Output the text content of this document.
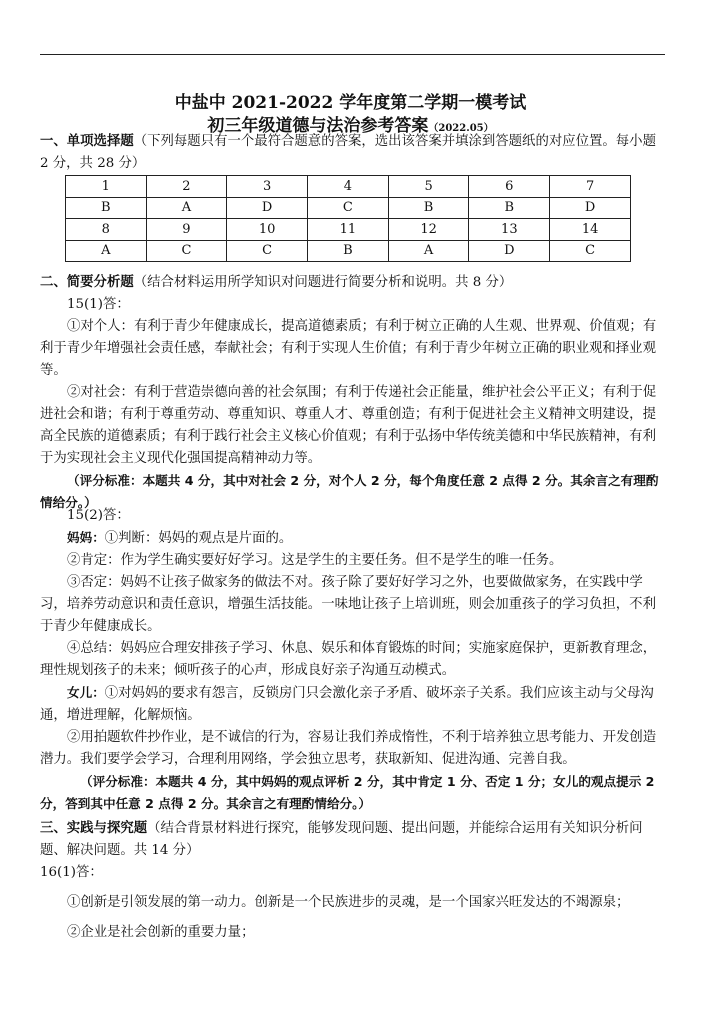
中盐中 2021-2022 学年度第二学期一模考试
初三年级道德与法治参考答案（2022.05）

一、单项选择题（下列每题只有一个最符合题意的答案，选出该答案并填涂到答题纸的对应位置。每小题 2 分，共 28 分）

1	2	3	4	5	6	7
B	A	D	C	B	B	D
8	9	10	11	12	13	14
A	C	C	B	A	D	C

二、简要分析题（结合材料运用所学知识对问题进行简要分析和说明。共 8 分）

15(1)答：

①对个人：有利于青少年健康成长，提高道德素质；有利于树立正确的人生观、世界观、价值观；有利于青少年增强社会责任感，奉献社会；有利于实现人生价值；有利于青少年树立正确的职业观和择业观等。

②对社会：有利于营造崇德向善的社会氛围；有利于传递社会正能量，维护社会公平正义；有利于促进社会和谐；有利于尊重劳动、尊重知识、尊重人才、尊重创造；有利于促进社会主义精神文明建设，提高全民族的道德素质；有利于践行社会主义核心价值观；有利于弘扬中华传统美德和中华民族精神，有利于为实现社会主义现代化强国提高精神动力等。

（评分标准：本题共 4 分，其中对社会 2 分，对个人 2 分，每个角度任意 2 点得 2 分。其余言之有理酌情给分。）

15(2)答：

妈妈：①判断：妈妈的观点是片面的。

②肯定：作为学生确实要好好学习。这是学生的主要任务。但不是学生的唯一任务。

③否定：妈妈不让孩子做家务的做法不对。孩子除了要好好学习之外，也要做做家务，在实践中学习，培养劳动意识和责任意识，增强生活技能。一味地让孩子上培训班，则会加重孩子的学习负担，不利于青少年健康成长。

④总结：妈妈应合理安排孩子学习、休息、娱乐和体育锻炼的时间；实施家庭保护，更新教育理念，理性规划孩子的未来；倾听孩子的心声，形成良好亲子沟通互动模式。

女儿：①对妈妈的要求有怨言，反锁房门只会激化亲子矛盾、破坏亲子关系。我们应该主动与父母沟通，增进理解，化解烦恼。

②用拍题软件抄作业，是不诚信的行为，容易让我们养成惰性，不利于培养独立思考能力、开发创造潜力。我们要学会学习，合理利用网络，学会独立思考，获取新知、促进沟通、完善自我。

（评分标准：本题共 4 分，其中妈妈的观点评析 2 分，其中肯定 1 分、否定 1 分；女儿的观点提示 2 分，答到其中任意 2 点得 2 分。其余言之有理酌情给分。）

三、实践与探究题（结合背景材料进行探究，能够发现问题、提出问题，并能综合运用有关知识分析问题、解决问题。共 14 分）

16(1)答：

①创新是引领发展的第一动力。创新是一个民族进步的灵魂，是一个国家兴旺发达的不竭源泉；

②企业是社会创新的重要力量；
